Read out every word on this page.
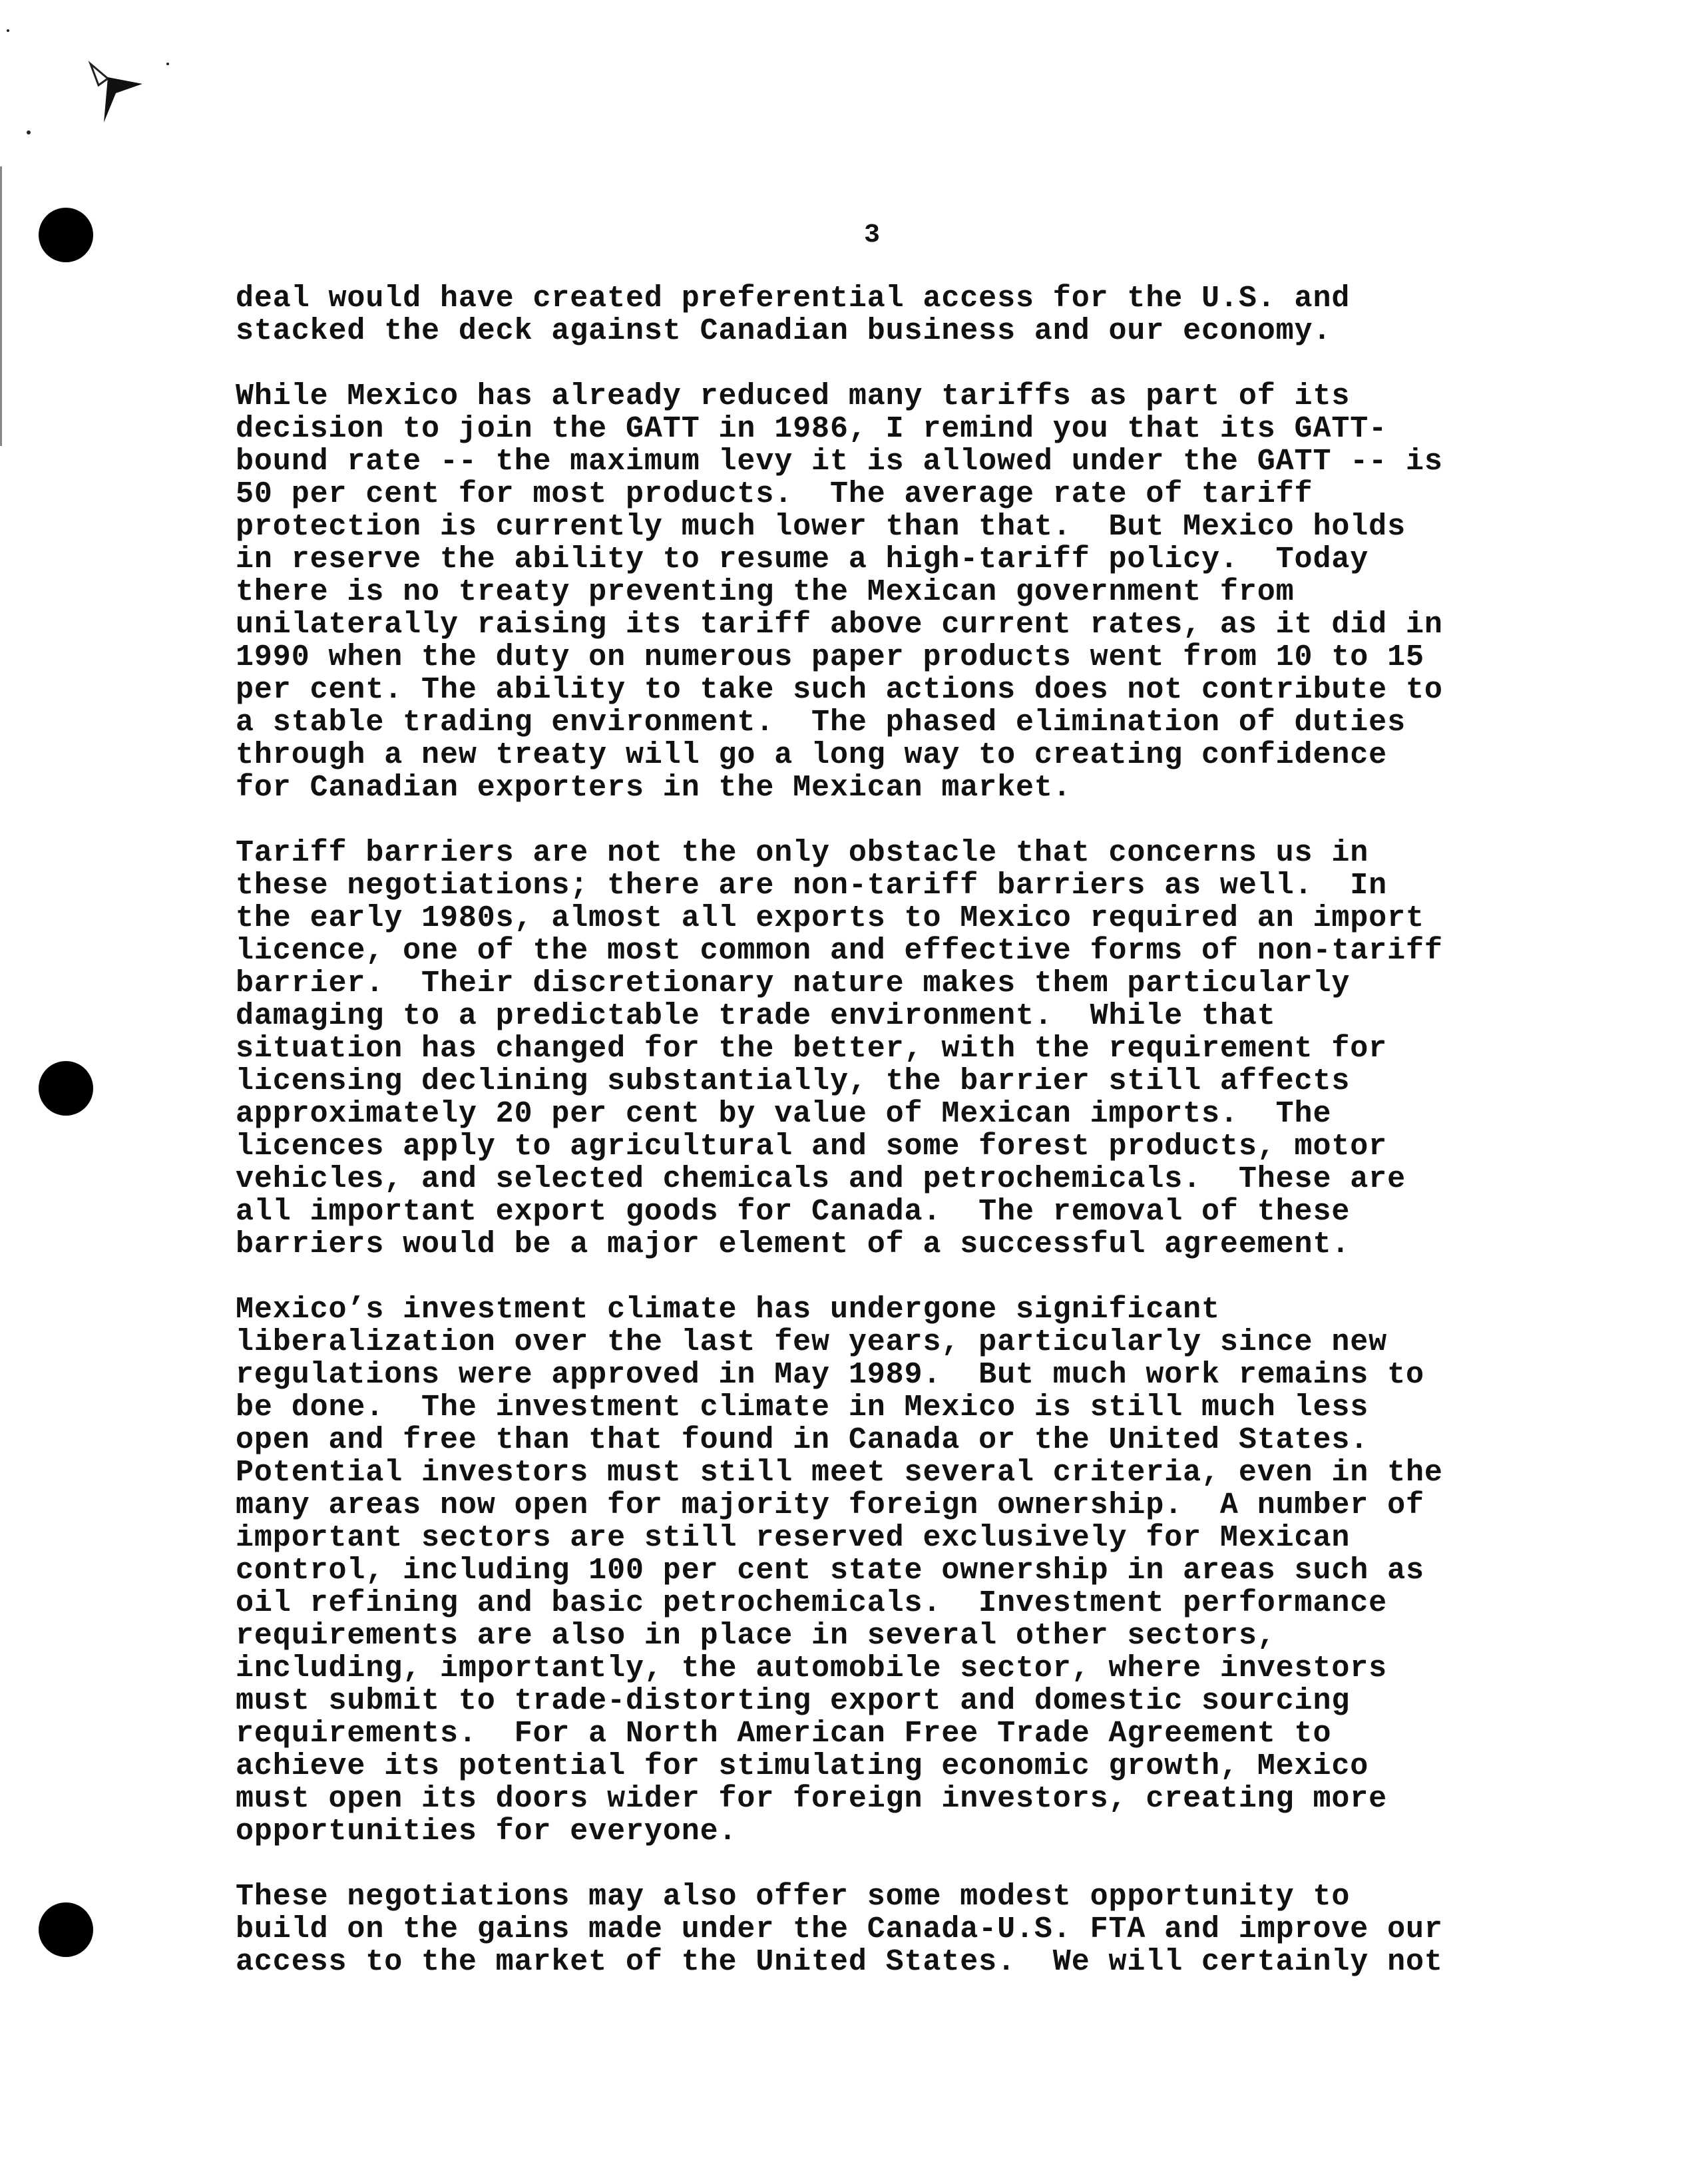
3
deal would have created preferential access for the U.S. and
stacked the deck against Canadian business and our economy.
While Mexico has already reduced many tariffs as part of its
decision to join the GATT in 1986, I remind you that its GATT-
bound rate -- the maximum levy it is allowed under the GATT -- is
50 per cent for most products.  The average rate of tariff
protection is currently much lower than that.  But Mexico holds
in reserve the ability to resume a high-tariff policy.  Today
there is no treaty preventing the Mexican government from
unilaterally raising its tariff above current rates, as it did in
1990 when the duty on numerous paper products went from 10 to 15
per cent. The ability to take such actions does not contribute to
a stable trading environment.  The phased elimination of duties
through a new treaty will go a long way to creating confidence
for Canadian exporters in the Mexican market.
Tariff barriers are not the only obstacle that concerns us in
these negotiations; there are non-tariff barriers as well.  In
the early 1980s, almost all exports to Mexico required an import
licence, one of the most common and effective forms of non-tariff
barrier.  Their discretionary nature makes them particularly
damaging to a predictable trade environment.  While that
situation has changed for the better, with the requirement for
licensing declining substantially, the barrier still affects
approximately 20 per cent by value of Mexican imports.  The
licences apply to agricultural and some forest products, motor
vehicles, and selected chemicals and petrochemicals.  These are
all important export goods for Canada.  The removal of these
barriers would be a major element of a successful agreement.
Mexico’s investment climate has undergone significant
liberalization over the last few years, particularly since new
regulations were approved in May 1989.  But much work remains to
be done.  The investment climate in Mexico is still much less
open and free than that found in Canada or the United States.
Potential investors must still meet several criteria, even in the
many areas now open for majority foreign ownership.  A number of
important sectors are still reserved exclusively for Mexican
control, including 100 per cent state ownership in areas such as
oil refining and basic petrochemicals.  Investment performance
requirements are also in place in several other sectors,
including, importantly, the automobile sector, where investors
must submit to trade-distorting export and domestic sourcing
requirements.  For a North American Free Trade Agreement to
achieve its potential for stimulating economic growth, Mexico
must open its doors wider for foreign investors, creating more
opportunities for everyone.
These negotiations may also offer some modest opportunity to
build on the gains made under the Canada-U.S. FTA and improve our
access to the market of the United States.  We will certainly not
